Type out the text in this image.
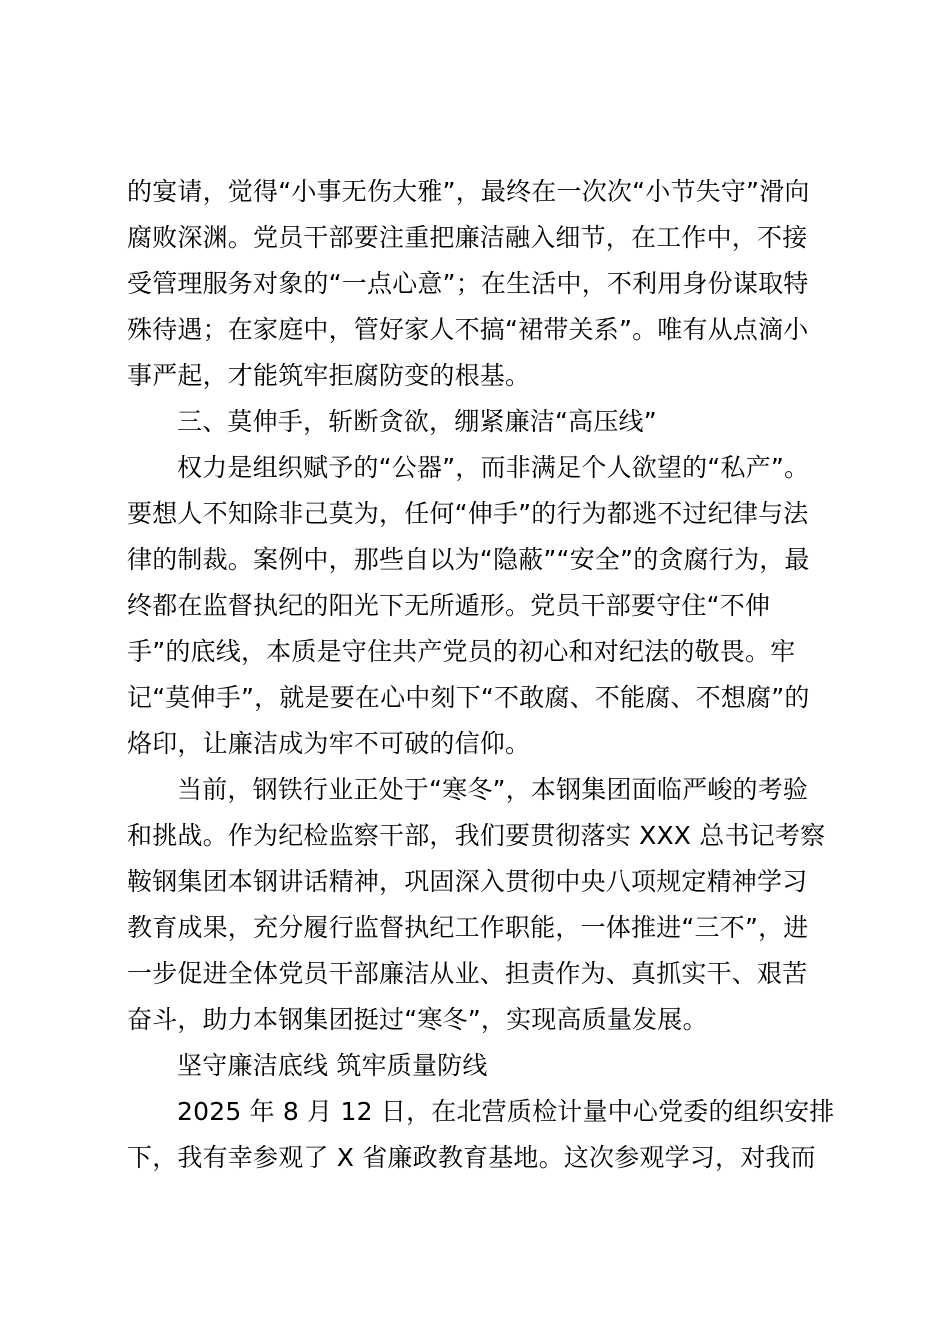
的宴请，觉得“小事无伤大雅”，最终在一次次“小节失守”滑向
腐败深渊。党员干部要注重把廉洁融入细节，在工作中，不接
受管理服务对象的“一点心意”；在生活中，不利用身份谋取特
殊待遇；在家庭中，管好家人不搞“裙带关系”。唯有从点滴小
事严起，才能筑牢拒腐防变的根基。
三、莫伸手，斩断贪欲，绷紧廉洁“高压线”
权力是组织赋予的“公器”，而非满足个人欲望的“私产”。
要想人不知除非己莫为，任何“伸手”的行为都逃不过纪律与法
律的制裁。案例中，那些自以为“隐蔽”“安全”的贪腐行为，最
终都在监督执纪的阳光下无所遁形。党员干部要守住“不伸
手”的底线，本质是守住共产党员的初心和对纪法的敬畏。牢
记“莫伸手”，就是要在心中刻下“不敢腐、不能腐、不想腐”的
烙印，让廉洁成为牢不可破的信仰。
当前，钢铁行业正处于“寒冬”，本钢集团面临严峻的考验
和挑战。作为纪检监察干部，我们要贯彻落实 XXX 总书记考察
鞍钢集团本钢讲话精神，巩固深入贯彻中央八项规定精神学习
教育成果，充分履行监督执纪工作职能，一体推进“三不”，进
一步促进全体党员干部廉洁从业、担责作为、真抓实干、艰苦
奋斗，助力本钢集团挺过“寒冬”，实现高质量发展。
坚守廉洁底线 筑牢质量防线
2025 年 8 月 12 日，在北营质检计量中心党委的组织安排
下，我有幸参观了 X 省廉政教育基地。这次参观学习，对我而
